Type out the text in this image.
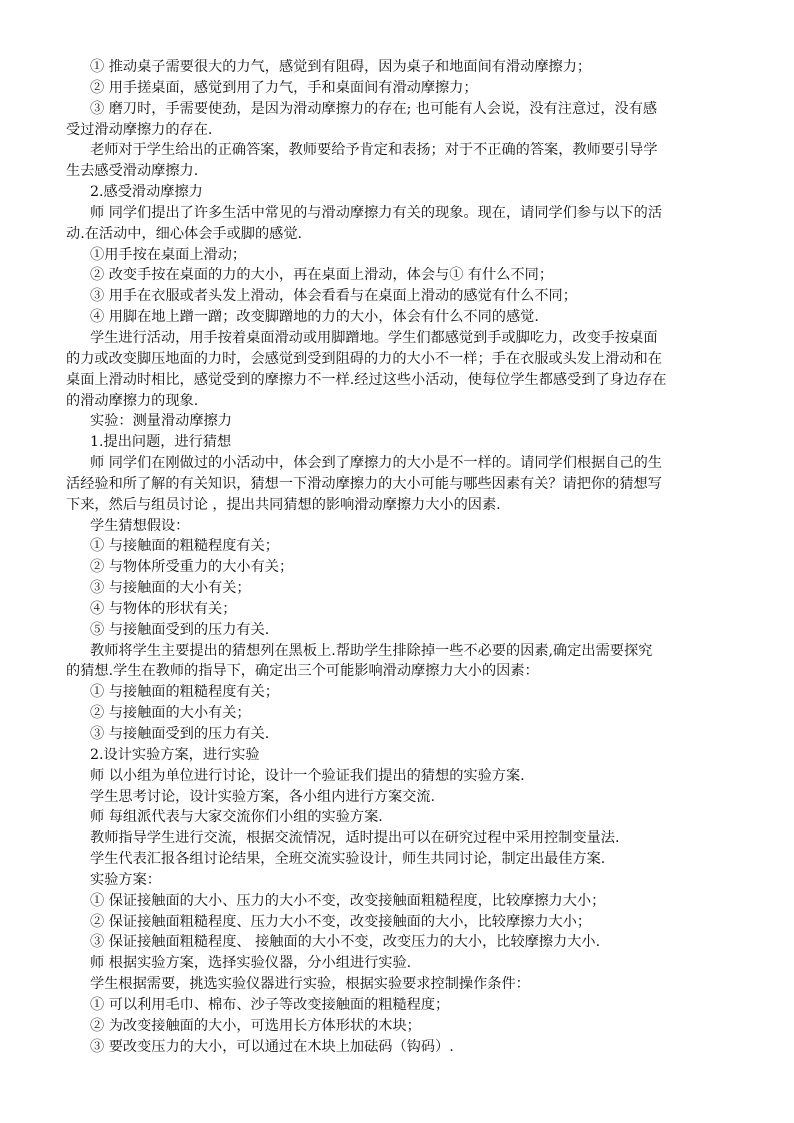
① 推动桌子需要很大的力气，感觉到有阻碍，因为桌子和地面间有滑动摩擦力；
② 用手搓桌面，感觉到用了力气，手和桌面间有滑动摩擦力；
③ 磨刀时，手需要使劲，是因为滑动摩擦力的存在; 也可能有人会说，没有注意过，没有感
受过滑动摩擦力的存在.
老师对于学生给出的正确答案，教师要给予肯定和表扬；对于不正确的答案，教师要引导学
生去感受滑动摩擦力.
2.感受滑动摩擦力
师 同学们提出了许多生活中常见的与滑动摩擦力有关的现象。现在，请同学们参与以下的活
动.在活动中，细心体会手或脚的感觉.
①用手按在桌面上滑动；
② 改变手按在桌面的力的大小，再在桌面上滑动，体会与① 有什么不同；
③ 用手在衣服或者头发上滑动，体会看看与在桌面上滑动的感觉有什么不同；
④ 用脚在地上蹭一蹭；改变脚蹭地的力的大小，体会有什么不同的感觉.
学生进行活动，用手按着桌面滑动或用脚蹭地。学生们都感觉到手或脚吃力，改变手按桌面
的力或改变脚压地面的力时，会感觉到受到阻碍的力的大小不一样；手在衣服或头发上滑动和在
桌面上滑动时相比，感觉受到的摩擦力不一样.经过这些小活动，使每位学生都感受到了身边存在
的滑动摩擦力的现象.
实验：测量滑动摩擦力
1.提出问题，进行猜想
师 同学们在刚做过的小活动中，体会到了摩擦力的大小是不一样的。请同学们根据自己的生
活经验和所了解的有关知识，猜想一下滑动摩擦力的大小可能与哪些因素有关？请把你的猜想写
下来，然后与组员讨论 ，提出共同猜想的影响滑动摩擦力大小的因素.
学生猜想假设：
① 与接触面的粗糙程度有关；
② 与物体所受重力的大小有关；
③ 与接触面的大小有关；
④ 与物体的形状有关；
⑤ 与接触面受到的压力有关.
教师将学生主要提出的猜想列在黑板上.帮助学生排除掉一些不必要的因素,确定出需要探究
的猜想.学生在教师的指导下，确定出三个可能影响滑动摩擦力大小的因素：
① 与接触面的粗糙程度有关；
② 与接触面的大小有关；
③ 与接触面受到的压力有关.
2.设计实验方案，进行实验
师 以小组为单位进行讨论，设计一个验证我们提出的猜想的实验方案.
学生思考讨论，设计实验方案，各小组内进行方案交流.
师 每组派代表与大家交流你们小组的实验方案.
教师指导学生进行交流，根据交流情况，适时提出可以在研究过程中采用控制变量法.
学生代表汇报各组讨论结果，全班交流实验设计，师生共同讨论，制定出最佳方案.
实验方案：
① 保证接触面的大小、压力的大小不变，改变接触面粗糙程度，比较摩擦力大小；
② 保证接触面粗糙程度、压力大小不变，改变接触面的大小，比较摩擦力大小；
③ 保证接触面粗糙程度、 接触面的大小不变，改变压力的大小，比较摩擦力大小.
师 根据实验方案，选择实验仪器，分小组进行实验.
学生根据需要，挑选实验仪器进行实验，根据实验要求控制操作条件：
① 可以利用毛巾、棉布、沙子等改变接触面的粗糙程度；
② 为改变接触面的大小，可选用长方体形状的木块；
③ 要改变压力的大小，可以通过在木块上加砝码（钩码）.
